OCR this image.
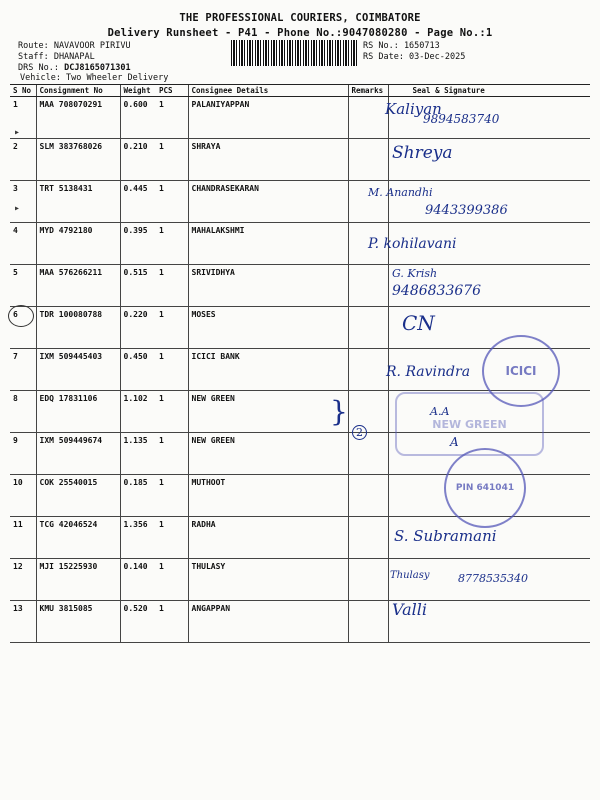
THE PROFESSIONAL COURIERS, COIMBATORE
Delivery Runsheet - P41 - Phone No.:9047080280 - Page No.:1
Route: NAVAVOOR PIRIVU
Staff: DHANAPAL
DRS No.: DCJ8165071301
Vehicle: Two Wheeler Delivery
RS No.: 1650713
RS Date: 03-Dec-2025
S No	Consignment No	Weight	PCS	Consignee Details	Remarks	Seal & Signature
1	MAA 708070291	0.600	1	PALANIYAPPAN		
2	SLM 383768026	0.210	1	SHRAYA		
3	TRT 5138431	0.445	1	CHANDRASEKARAN		
4	MYD 4792180	0.395	1	MAHALAKSHMI		
5	MAA 576266211	0.515	1	SRIVIDHYA		
6	TDR 100080788	0.220	1	MOSES		
7	IXM 509445403	0.450	1	ICICI BANK		
8	EDQ 17831106	1.102	1	NEW GREEN		
9	IXM 509449674	1.135	1	NEW GREEN		
10	COK 25540015	0.185	1	MUTHOOT		
11	TCG 42046524	1.356	1	RADHA		
12	MJI 15225930	0.140	1	THULASY		
13	KMU 3815085	0.520	1	ANGAPPAN		
▸
▸
Kaliyan
9894583740
Shreya
M. Anandhi
9443399386
P. kohilavani
G. Krish
9486833676
CN
R. Ravindra
}
2
A.A
A
S. Subramani
Thulasy	8778535340
Valli
ICICI
NEW GREEN
PIN 641041
